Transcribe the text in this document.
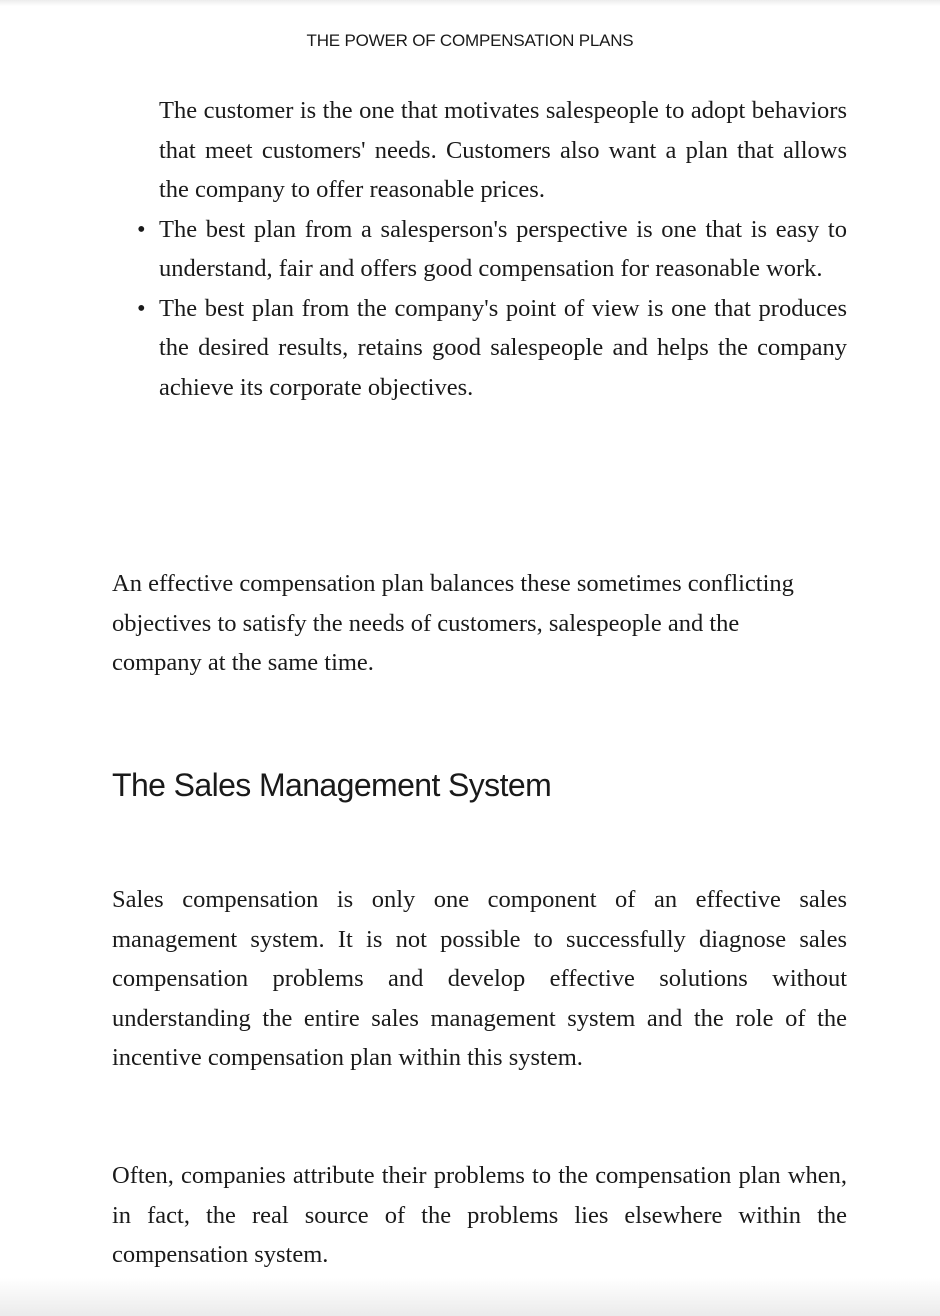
THE POWER OF COMPENSATION PLANS

The customer is the one that motivates salespeople to adopt behaviors that meet customers' needs. Customers also want a plan that allows the company to offer reasonable prices.

• The best plan from a salesperson's perspective is one that is easy to understand, fair and offers good compensation for reasonable work.
• The best plan from the company's point of view is one that produces the desired results, retains good salespeople and helps the company achieve its corporate objectives.

An effective compensation plan balances these sometimes conflicting objectives to satisfy the needs of customers, salespeople and the company at the same time.

The Sales Management System

Sales compensation is only one component of an effective sales management system. It is not possible to successfully diagnose sales compensation problems and develop effective solutions without understanding the entire sales management system and the role of the incentive compensation plan within this system.

Often, companies attribute their problems to the compensation plan when, in fact, the real source of the problems lies elsewhere within the compensation system.
